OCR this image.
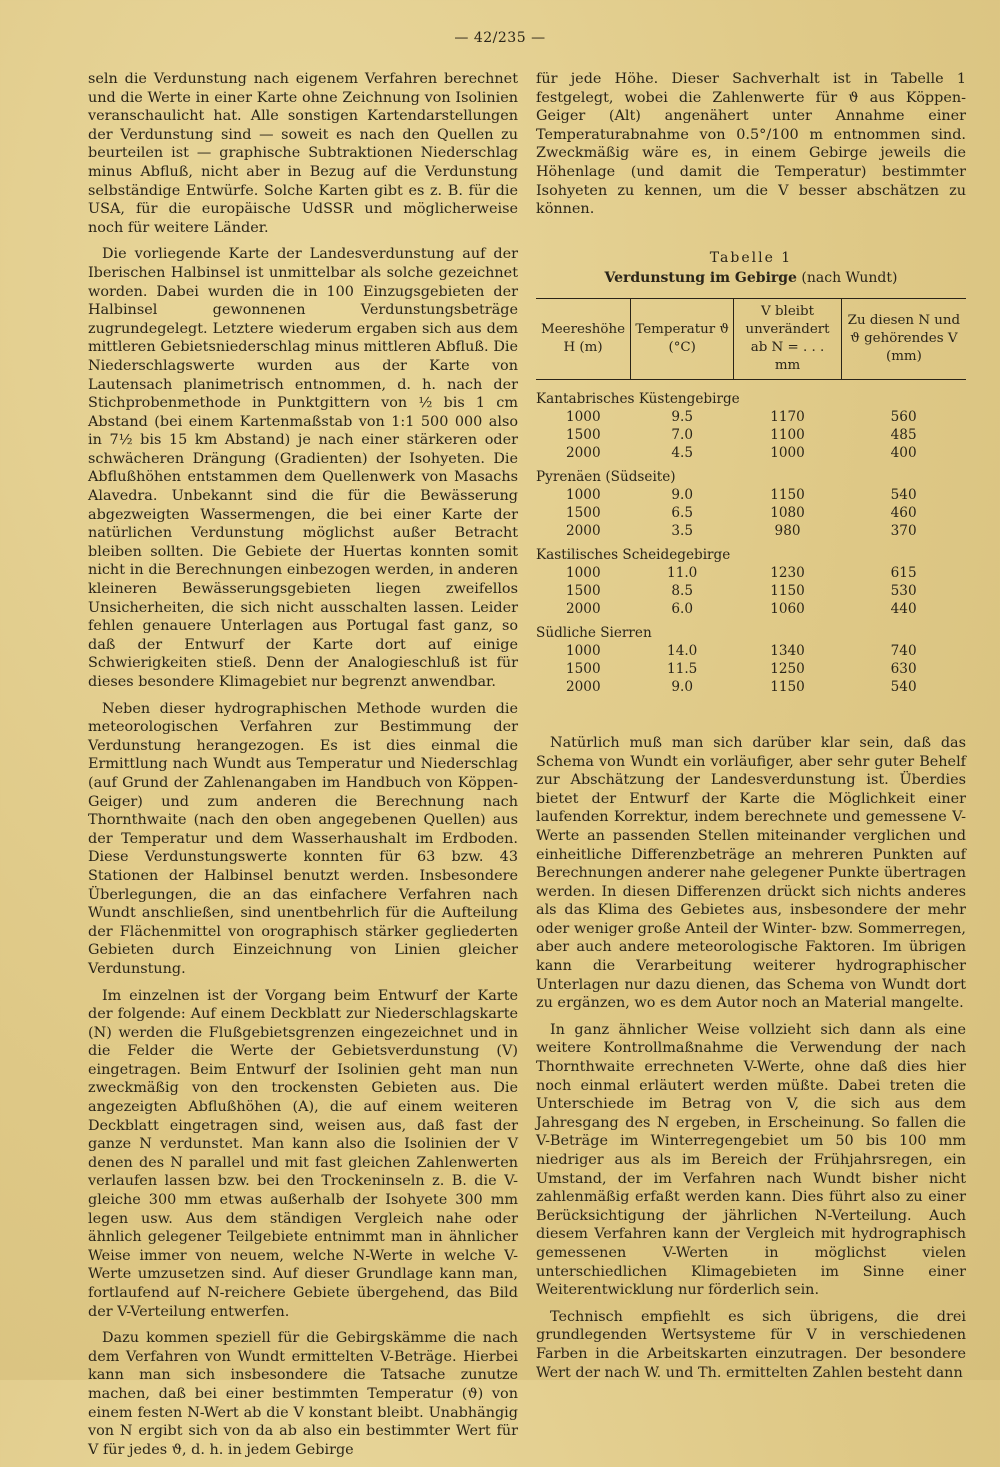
— 42/235 —

seln die Verdunstung nach eigenem Verfahren berechnet und die Werte in einer Karte ohne Zeichnung von Isolinien veranschaulicht hat. Alle sonstigen Kartendarstellungen der Verdunstung sind — soweit es nach den Quellen zu beurteilen ist — graphische Subtraktionen Niederschlag minus Abfluß, nicht aber in Bezug auf die Verdunstung selbständige Entwürfe. Solche Karten gibt es z. B. für die USA, für die europäische UdSSR und möglicherweise noch für weitere Länder.

Die vorliegende Karte der Landesverdunstung auf der Iberischen Halbinsel ist unmittelbar als solche gezeichnet worden. Dabei wurden die in 100 Einzugsgebieten der Halbinsel gewonnenen Verdunstungsbeträge zugrundegelegt. Letztere wiederum ergaben sich aus dem mittleren Gebietsniederschlag minus mittleren Abfluß. Die Niederschlagswerte wurden aus der Karte von Lautensach planimetrisch entnommen, d. h. nach der Stichprobenmethode in Punktgittern von ½ bis 1 cm Abstand (bei einem Kartenmaßstab von 1:1 500 000 also in 7½ bis 15 km Abstand) je nach einer stärkeren oder schwächeren Drängung (Gradienten) der Isohyeten. Die Abflußhöhen entstammen dem Quellenwerk von Masachs Alavedra. Unbekannt sind die für die Bewässerung abgezweigten Wassermengen, die bei einer Karte der natürlichen Verdunstung möglichst außer Betracht bleiben sollten. Die Gebiete der Huertas konnten somit nicht in die Berechnungen einbezogen werden, in anderen kleineren Bewässerungsgebieten liegen zweifellos Unsicherheiten, die sich nicht ausschalten lassen. Leider fehlen genauere Unterlagen aus Portugal fast ganz, so daß der Entwurf der Karte dort auf einige Schwierigkeiten stieß. Denn der Analogieschluß ist für dieses besondere Klimagebiet nur begrenzt anwendbar.

Neben dieser hydrographischen Methode wurden die meteorologischen Verfahren zur Bestimmung der Verdunstung herangezogen. Es ist dies einmal die Ermittlung nach Wundt aus Temperatur und Niederschlag (auf Grund der Zahlenangaben im Handbuch von Köppen-Geiger) und zum anderen die Berechnung nach Thornthwaite (nach den oben angegebenen Quellen) aus der Temperatur und dem Wasserhaushalt im Erdboden. Diese Verdunstungswerte konnten für 63 bzw. 43 Stationen der Halbinsel benutzt werden. Insbesondere Überlegungen, die an das einfachere Verfahren nach Wundt anschließen, sind unentbehrlich für die Aufteilung der Flächenmittel von orographisch stärker gegliederten Gebieten durch Einzeichnung von Linien gleicher Verdunstung.

Im einzelnen ist der Vorgang beim Entwurf der Karte der folgende: Auf einem Deckblatt zur Niederschlagskarte (N) werden die Flußgebietsgrenzen eingezeichnet und in die Felder die Werte der Gebietsverdunstung (V) eingetragen. Beim Entwurf der Isolinien geht man nun zweckmäßig von den trockensten Gebieten aus. Die angezeigten Abflußhöhen (A), die auf einem weiteren Deckblatt eingetragen sind, weisen aus, daß fast der ganze N verdunstet. Man kann also die Isolinien der V denen des N parallel und mit fast gleichen Zahlenwerten verlaufen lassen bzw. bei den Trockeninseln z. B. die V-gleiche 300 mm etwas außerhalb der Isohyete 300 mm legen usw. Aus dem ständigen Vergleich nahe oder ähnlich gelegener Teilgebiete entnimmt man in ähnlicher Weise immer von neuem, welche N-Werte in welche V-Werte umzusetzen sind. Auf dieser Grundlage kann man, fortlaufend auf N-reichere Gebiete übergehend, das Bild der V-Verteilung entwerfen.

Dazu kommen speziell für die Gebirgskämme die nach dem Verfahren von Wundt ermittelten V-Beträge. Hierbei kann man sich insbesondere die Tatsache zunutze machen, daß bei einer bestimmten Temperatur (ϑ) von einem festen N-Wert ab die V konstant bleibt. Unabhängig von N ergibt sich von da ab also ein bestimmter Wert für V für jedes ϑ, d. h. in jedem Gebirge

für jede Höhe. Dieser Sachverhalt ist in Tabelle 1 festgelegt, wobei die Zahlenwerte für ϑ aus Köppen-Geiger (Alt) angenähert unter Annahme einer Temperaturabnahme von 0.5°/100 m entnommen sind. Zweckmäßig wäre es, in einem Gebirge jeweils die Höhenlage (und damit die Temperatur) bestimmter Isohyeten zu kennen, um die V besser abschätzen zu können.

Tabelle 1
Verdunstung im Gebirge (nach Wundt)
Meereshöhe H (m)	Temperatur ϑ (°C)	V bleibt unverändert ab N = . . . mm	Zu diesen N und ϑ gehörendes V (mm)
Kantabrisches Küstengebirge			
1000	9.5	1170	560
1500	7.0	1100	485
2000	4.5	1000	400
Pyrenäen (Südseite)			
1000	9.0	1150	540
1500	6.5	1080	460
2000	3.5	980	370
Kastilisches Scheidegebirge			
1000	11.0	1230	615
1500	8.5	1150	530
2000	6.0	1060	440
Südliche Sierren			
1000	14.0	1340	740
1500	11.5	1250	630
2000	9.0	1150	540

Natürlich muß man sich darüber klar sein, daß das Schema von Wundt ein vorläufiger, aber sehr guter Behelf zur Abschätzung der Landesverdunstung ist. Überdies bietet der Entwurf der Karte die Möglichkeit einer laufenden Korrektur, indem berechnete und gemessene V-Werte an passenden Stellen miteinander verglichen und einheitliche Differenzbeträge an mehreren Punkten auf Berechnungen anderer nahe gelegener Punkte übertragen werden. In diesen Differenzen drückt sich nichts anderes als das Klima des Gebietes aus, insbesondere der mehr oder weniger große Anteil der Winter- bzw. Sommerregen, aber auch andere meteorologische Faktoren. Im übrigen kann die Verarbeitung weiterer hydrographischer Unterlagen nur dazu dienen, das Schema von Wundt dort zu ergänzen, wo es dem Autor noch an Material mangelte.

In ganz ähnlicher Weise vollzieht sich dann als eine weitere Kontrollmaßnahme die Verwendung der nach Thornthwaite errechneten V-Werte, ohne daß dies hier noch einmal erläutert werden müßte. Dabei treten die Unterschiede im Betrag von V, die sich aus dem Jahresgang des N ergeben, in Erscheinung. So fallen die V-Beträge im Winterregengebiet um 50 bis 100 mm niedriger aus als im Bereich der Frühjahrsregen, ein Umstand, der im Verfahren nach Wundt bisher nicht zahlenmäßig erfaßt werden kann. Dies führt also zu einer Berücksichtigung der jährlichen N-Verteilung. Auch diesem Verfahren kann der Vergleich mit hydrographisch gemessenen V-Werten in möglichst vielen unterschiedlichen Klimagebieten im Sinne einer Weiterentwicklung nur förderlich sein.

Technisch empfiehlt es sich übrigens, die drei grundlegenden Wertsysteme für V in verschiedenen Farben in die Arbeitskarten einzutragen. Der besondere Wert der nach W. und Th. ermittelten Zahlen besteht dann
